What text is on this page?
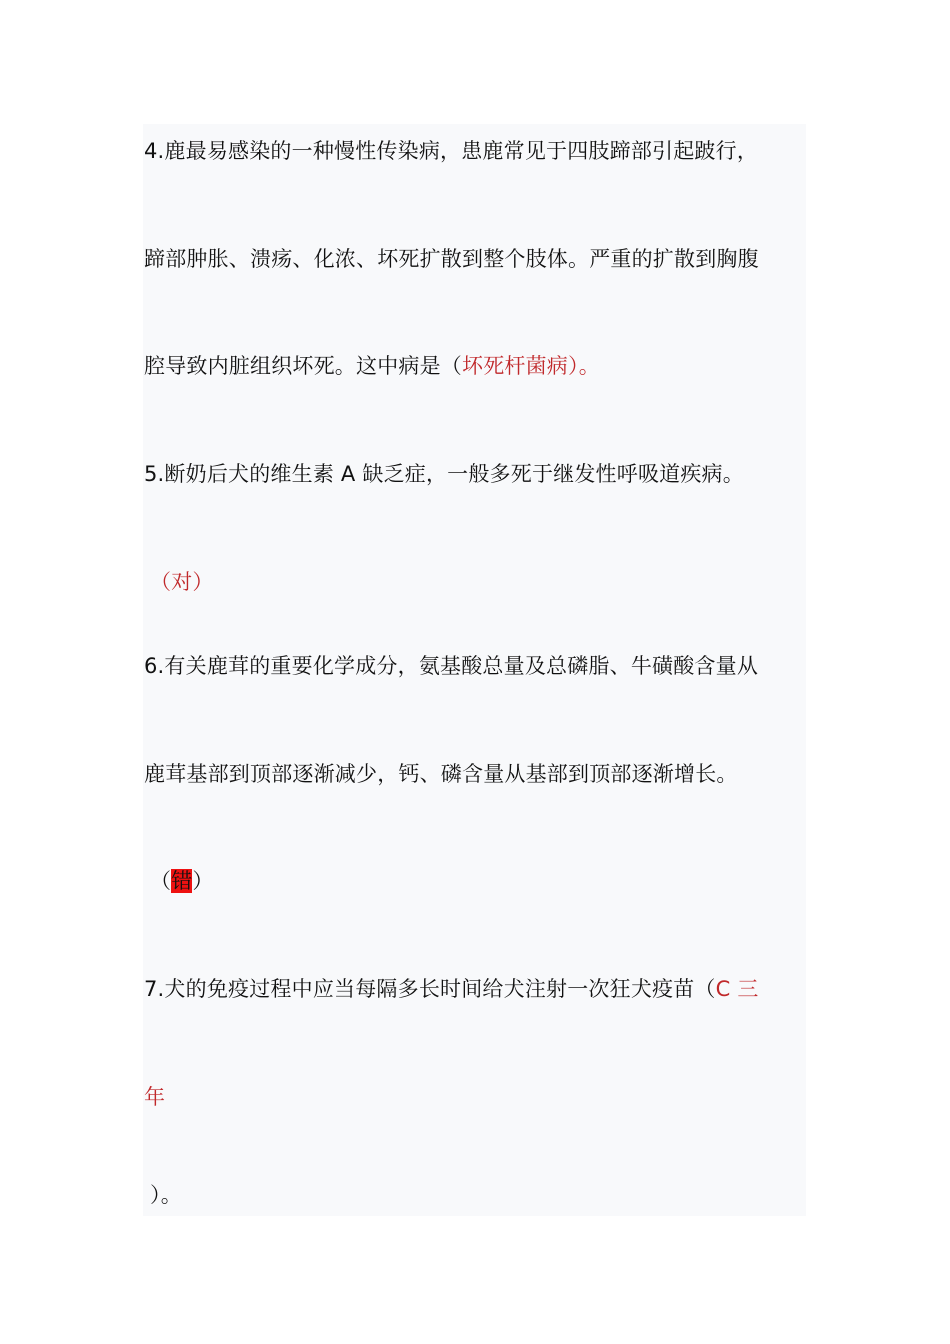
4.鹿最易感染的一种慢性传染病，患鹿常见于四肢蹄部引起跛行，
蹄部肿胀、溃疡、化浓、坏死扩散到整个肢体。严重的扩散到胸腹
腔导致内脏组织坏死。这中病是（坏死杆菌病）。
5.断奶后犬的维生素 A 缺乏症，一般多死于继发性呼吸道疾病。
（对）
6.有关鹿茸的重要化学成分，氨基酸总量及总磷脂、牛磺酸含量从
鹿茸基部到顶部逐渐减少，钙、磷含量从基部到顶部逐渐增长。
（错）
7.犬的免疫过程中应当每隔多长时间给犬注射一次狂犬疫苗（C 三
年
）。
